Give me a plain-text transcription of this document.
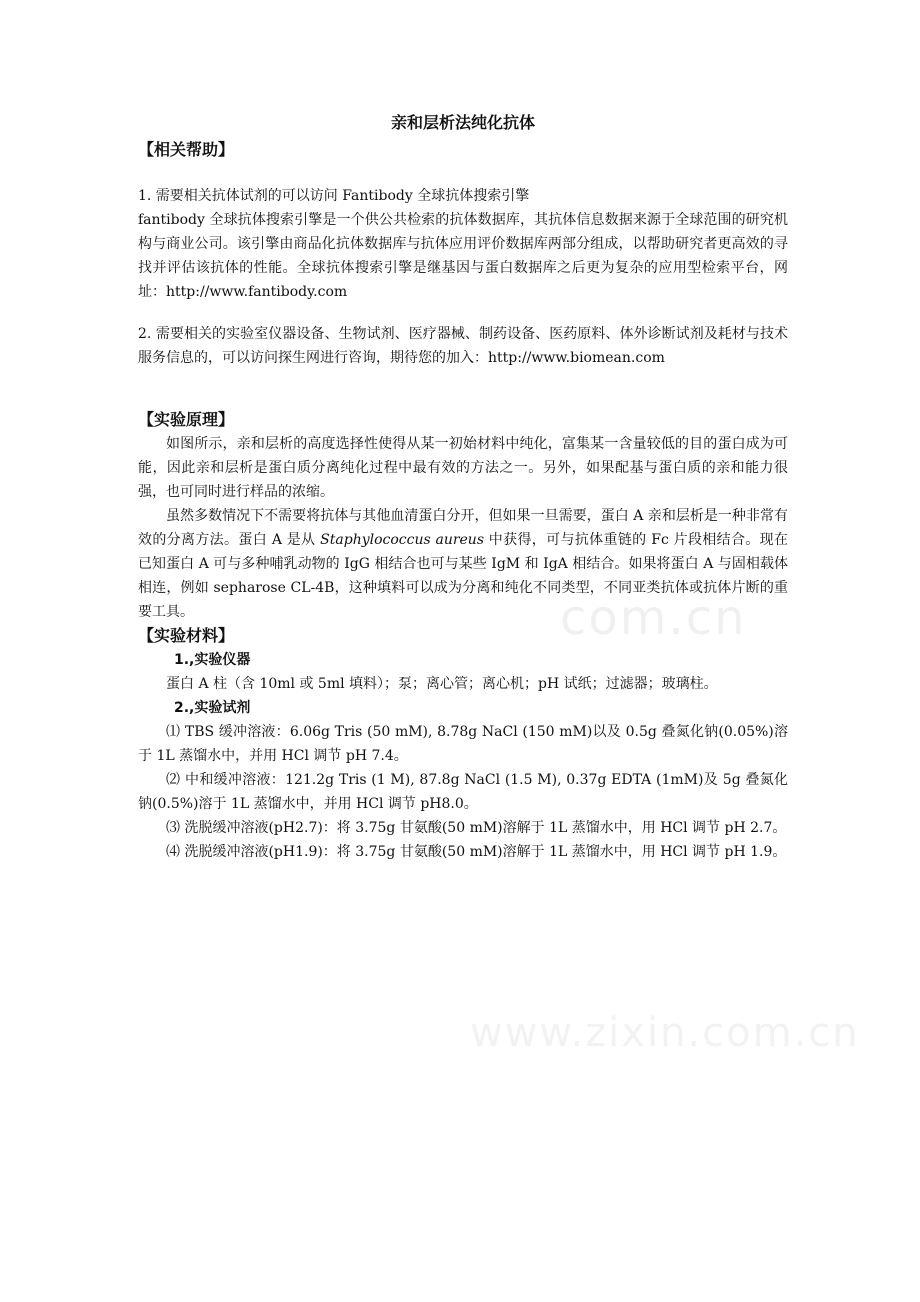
com.cn
www.zixin.com.cn
亲和层析法纯化抗体
【相关帮助】

1. 需要相关抗体试剂的可以访问 Fantibody 全球抗体搜索引擎

fantibody 全球抗体搜索引擎是一个供公共检索的抗体数据库，其抗体信息数据来源于全球范围的研究机构与商业公司。该引擎由商品化抗体数据库与抗体应用评价数据库两部分组成，以帮助研究者更高效的寻找并评估该抗体的性能。全球抗体搜索引擎是继基因与蛋白数据库之后更为复杂的应用型检索平台，网址：http://www.fantibody.com

2. 需要相关的实验室仪器设备、生物试剂、医疗器械、制药设备、医药原料、体外诊断试剂及耗材与技术服务信息的，可以访问探生网进行咨询，期待您的加入：http://www.biomean.com

【实验原理】

如图所示，亲和层析的高度选择性使得从某一初始材料中纯化，富集某一含量较低的目的蛋白成为可能，因此亲和层析是蛋白质分离纯化过程中最有效的方法之一。另外，如果配基与蛋白质的亲和能力很强，也可同时进行样品的浓缩。

虽然多数情况下不需要将抗体与其他血清蛋白分开，但如果一旦需要，蛋白 A 亲和层析是一种非常有效的分离方法。蛋白 A 是从 Staphylococcus aureus 中获得，可与抗体重链的 Fc 片段相结合。现在已知蛋白 A 可与多种哺乳动物的 IgG 相结合也可与某些 IgM 和 IgA 相结合。如果将蛋白 A 与固相载体相连，例如 sepharose CL-4B，这种填料可以成为分离和纯化不同类型，不同亚类抗体或抗体片断的重要工具。

【实验材料】
1.,实验仪器

蛋白 A 柱（含 10ml 或 5ml 填料）；泵；离心管；离心机；pH 试纸；过滤器；玻璃柱。

2.,实验试剂

⑴ TBS 缓冲溶液：6.06g Tris (50 mM), 8.78g NaCl (150 mM)以及 0.5g 叠氮化钠(0.05%)溶于 1L 蒸馏水中，并用 HCl 调节 pH 7.4。

⑵ 中和缓冲溶液：121.2g Tris (1 M), 87.8g NaCl (1.5 M), 0.37g EDTA (1mM)及 5g 叠氮化钠(0.5%)溶于 1L 蒸馏水中，并用 HCl 调节 pH8.0。

⑶ 洗脱缓冲溶液(pH2.7)：将 3.75g 甘氨酸(50 mM)溶解于 1L 蒸馏水中，用 HCl 调节 pH 2.7。

⑷ 洗脱缓冲溶液(pH1.9)：将 3.75g 甘氨酸(50 mM)溶解于 1L 蒸馏水中，用 HCl 调节 pH 1.9。
